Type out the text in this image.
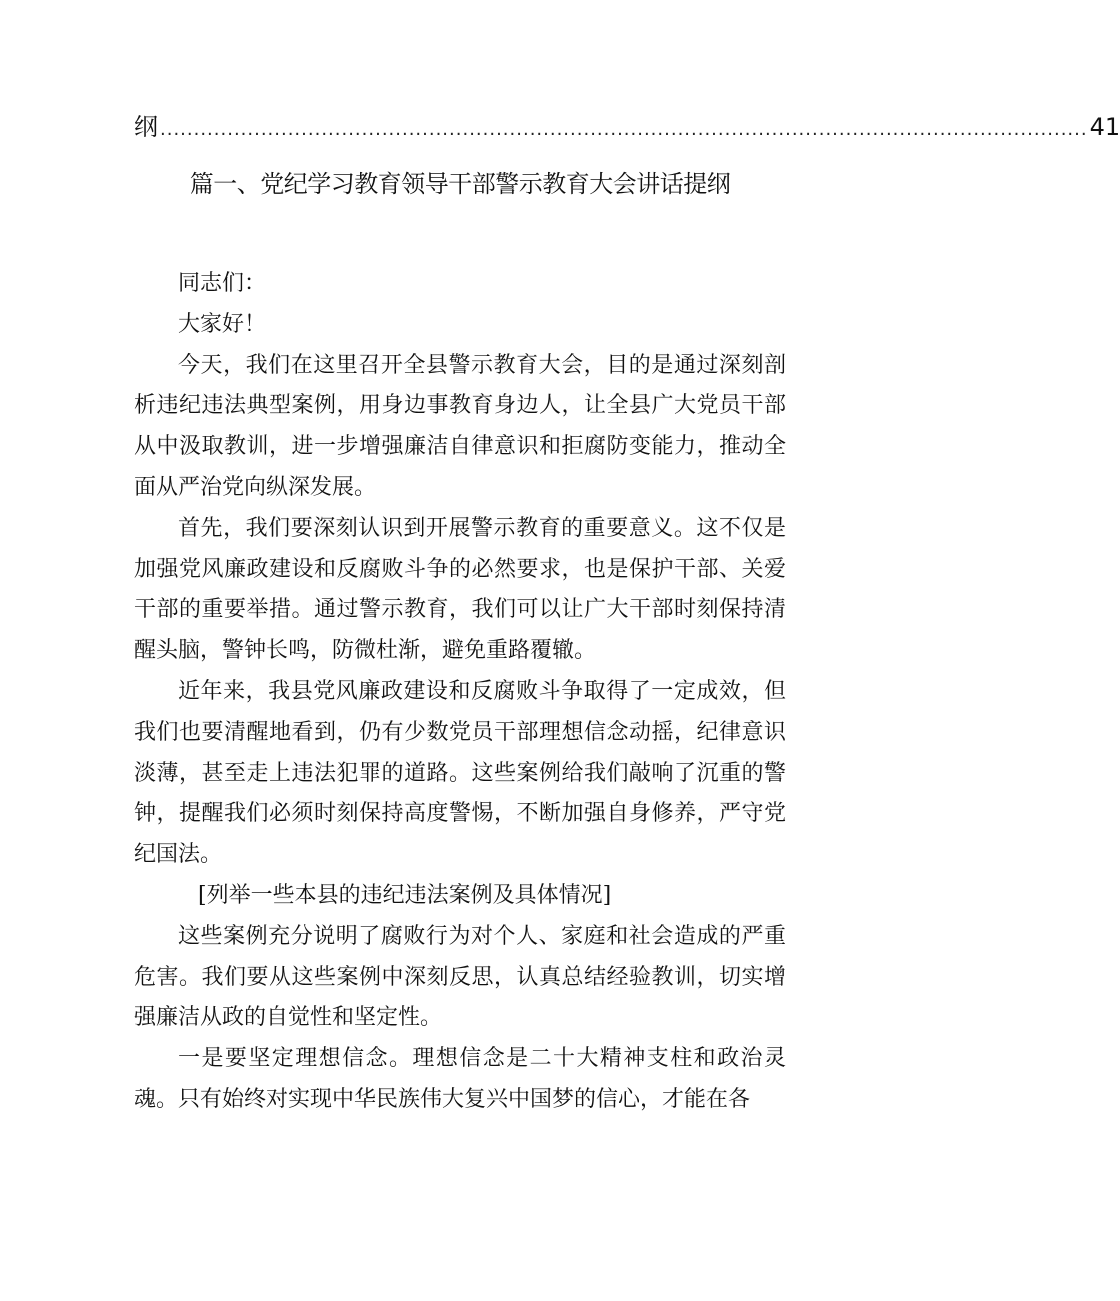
纲 .......................................................................................................................................... 41
篇一、党纪学习教育领导干部警示教育大会讲话提纲

同志们：

大家好！

今天，我们在这里召开全县警示教育大会，目的是通过深刻剖析违纪违法典型案例，用身边事教育身边人，让全县广大党员干部从中汲取教训，进一步增强廉洁自律意识和拒腐防变能力，推动全面从严治党向纵深发展。

首先，我们要深刻认识到开展警示教育的重要意义。这不仅是加强党风廉政建设和反腐败斗争的必然要求，也是保护干部、关爱干部的重要举措。通过警示教育，我们可以让广大干部时刻保持清醒头脑，警钟长鸣，防微杜渐，避免重路覆辙。

近年来，我县党风廉政建设和反腐败斗争取得了一定成效，但我们也要清醒地看到，仍有少数党员干部理想信念动摇，纪律意识淡薄，甚至走上违法犯罪的道路。这些案例给我们敲响了沉重的警钟，提醒我们必须时刻保持高度警惕，不断加强自身修养，严守党纪国法。

[列举一些本县的违纪违法案例及具体情况]

这些案例充分说明了腐败行为对个人、家庭和社会造成的严重危害。我们要从这些案例中深刻反思，认真总结经验教训，切实增强廉洁从政的自觉性和坚定性。

一是要坚定理想信念。理想信念是二十大精神支柱和政治灵魂。只有始终对实现中华民族伟大复兴中国梦的信心，才能在各
